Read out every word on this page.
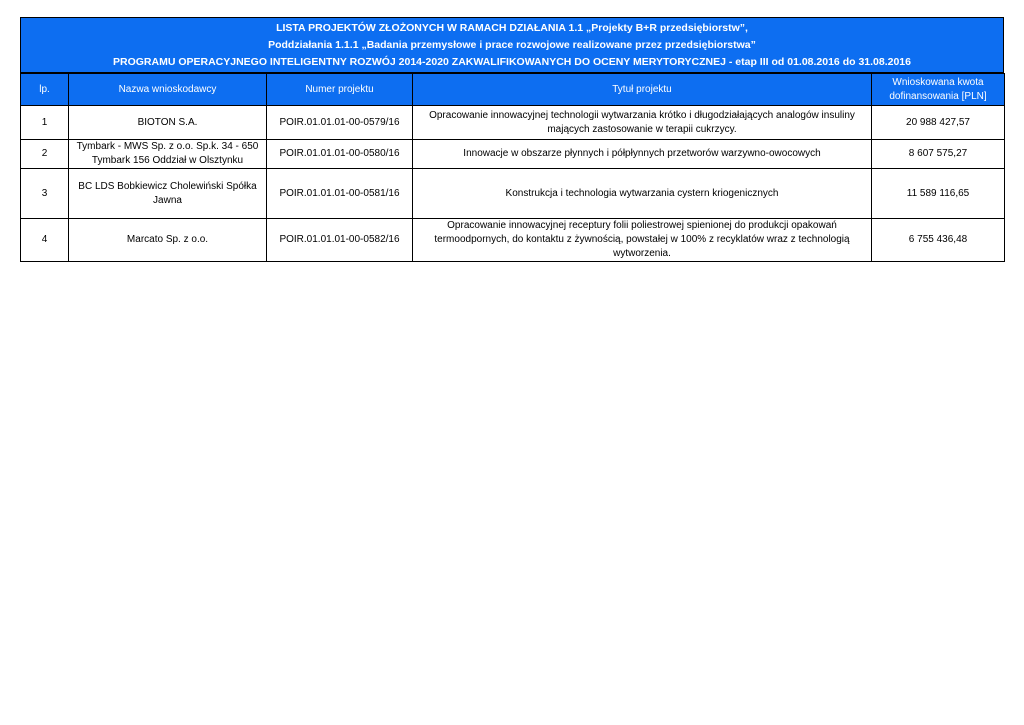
LISTA PROJEKTÓW ZŁOŻONYCH W RAMACH DZIAŁANIA 1.1 „Projekty B+R przedsiębiorstw”,
Poddziałania 1.1.1 „Badania przemysłowe i prace rozwojowe realizowane przez przedsiębiorstwa”
PROGRAMU OPERACYJNEGO INTELIGENTNY ROZWÓJ 2014-2020 ZAKWALIFIKOWANYCH DO OCENY MERYTORYCZNEJ - etap III od 01.08.2016 do 31.08.2016
lp.	Nazwa wnioskodawcy	Numer projektu	Tytuł projektu	Wnioskowana kwota
dofinansowania [PLN]

1	BIOTON S.A.	POIR.01.01.01-00-0579/16	Opracowanie innowacyjnej technologii wytwarzania krótko i długodziałających analogów insuliny
mających zastosowanie w terapii cukrzycy.	20 988 427,57
2	Tymbark - MWS Sp. z o.o. Sp.k. 34 - 650
Tymbark 156 Oddział w Olsztynku	POIR.01.01.01-00-0580/16	Innowacje w obszarze płynnych i półpłynnych przetworów warzywno-owocowych	8 607 575,27
3	BC LDS Bobkiewicz Cholewiński Spółka
Jawna	POIR.01.01.01-00-0581/16	Konstrukcja i technologia wytwarzania cystern kriogenicznych	11 589 116,65
4	Marcato Sp. z o.o.	POIR.01.01.01-00-0582/16	Opracowanie innowacyjnej receptury folii poliestrowej spienionej do produkcji opakowań
termoodpornych, do kontaktu z żywnością, powstałej w 100% z recyklatów wraz z technologią
wytworzenia.	6 755 436,48
